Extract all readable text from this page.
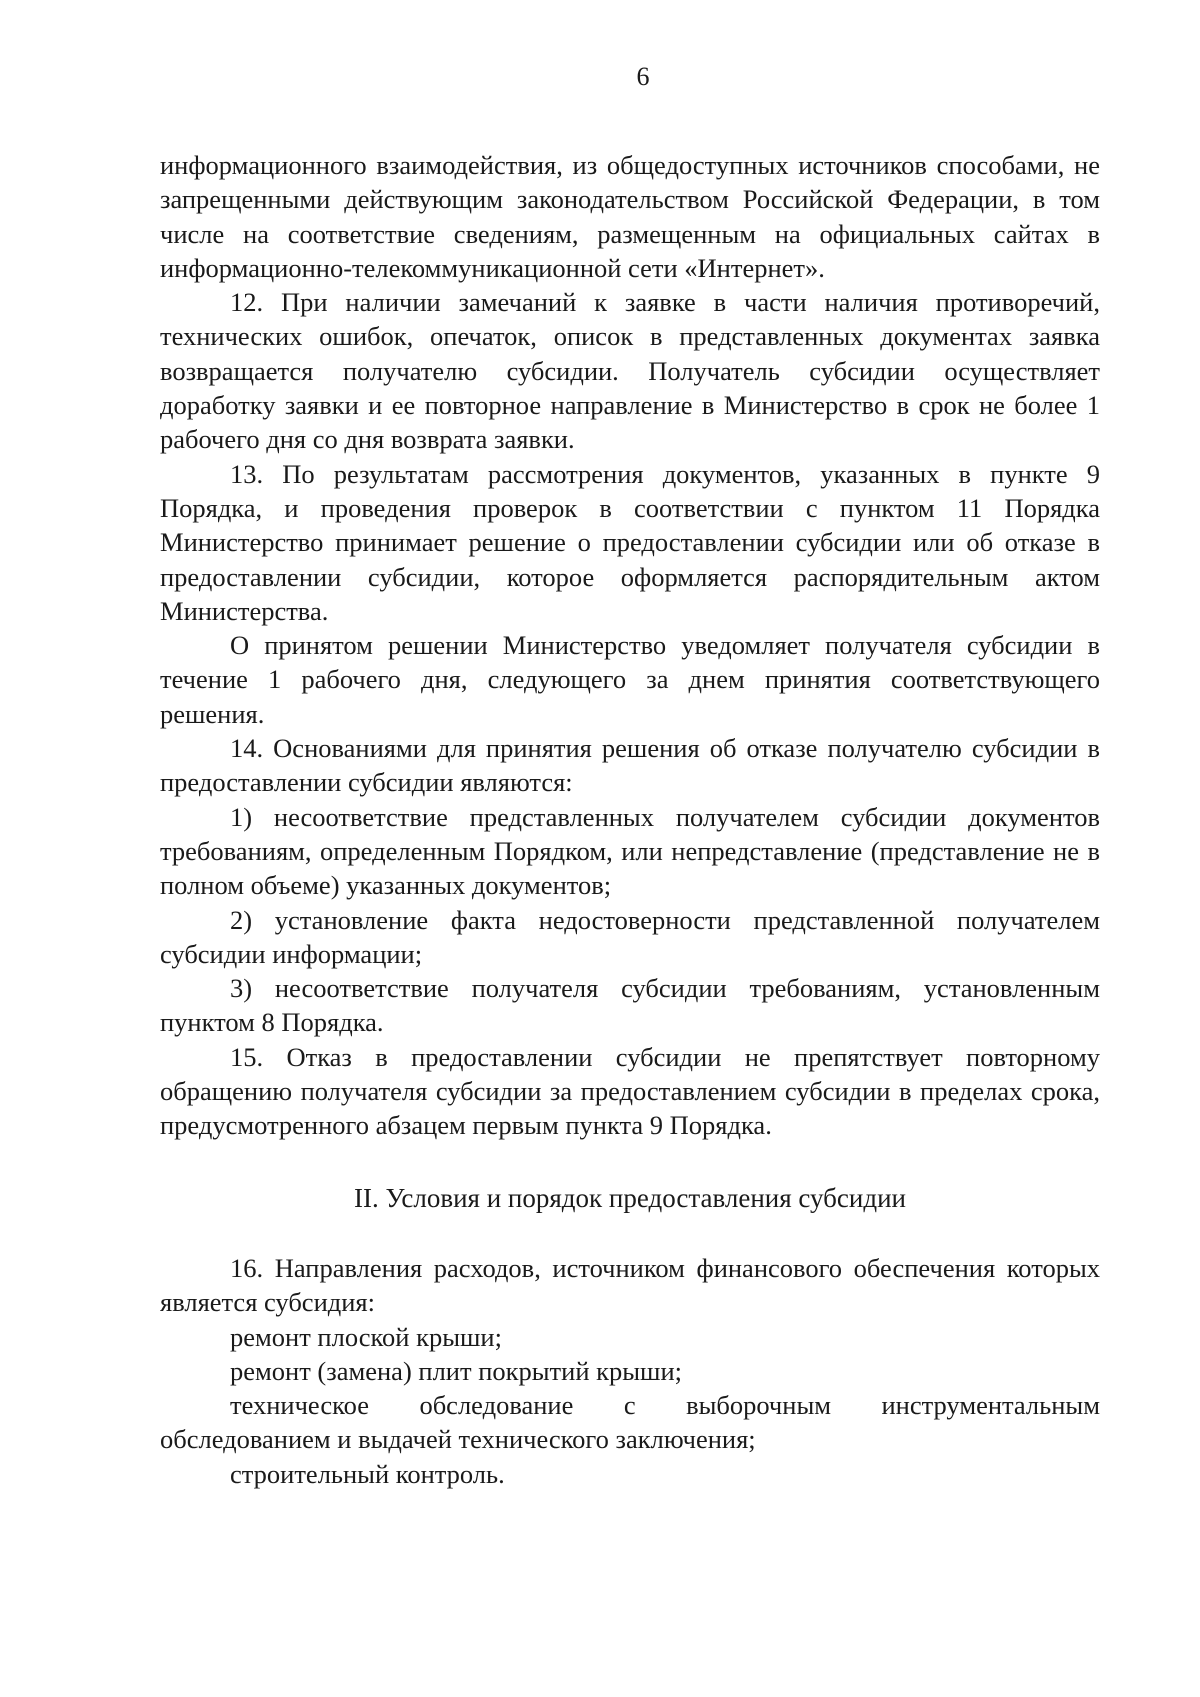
6

информационного взаимодействия, из общедоступных источников способами, не запрещенными действующим законодательством Российской Федерации, в том числе на соответствие сведениям, размещенным на официальных сайтах в информационно-телекоммуникационной сети «Интернет».

12. При наличии замечаний к заявке в части наличия противоречий, технических ошибок, опечаток, описок в представленных документах заявка возвращается получателю субсидии. Получатель субсидии осуществляет доработку заявки и ее повторное направление в Министерство в срок не более 1 рабочего дня со дня возврата заявки.

13. По результатам рассмотрения документов, указанных в пункте 9 Порядка, и проведения проверок в соответствии с пунктом 11 Порядка Министерство принимает решение о предоставлении субсидии или об отказе в предоставлении субсидии, которое оформляется распорядительным актом Министерства.

О принятом решении Министерство уведомляет получателя субсидии в течение 1 рабочего дня, следующего за днем принятия соответствующего решения.

14. Основаниями для принятия решения об отказе получателю субсидии в предоставлении субсидии являются:

1) несоответствие представленных получателем субсидии документов требованиям, определенным Порядком, или непредставление (представление не в полном объеме) указанных документов;

2) установление факта недостоверности представленной получателем субсидии информации;

3) несоответствие получателя субсидии требованиям, установленным пунктом 8 Порядка.

15. Отказ в предоставлении субсидии не препятствует повторному обращению получателя субсидии за предоставлением субсидии в пределах срока, предусмотренного абзацем первым пункта 9 Порядка.

II. Условия и порядок предоставления субсидии

16. Направления расходов, источником финансового обеспечения которых является субсидия:

ремонт плоской крыши;

ремонт (замена) плит покрытий крыши;

техническое обследование с выборочным инструментальным обследованием и выдачей технического заключения;

строительный контроль.
